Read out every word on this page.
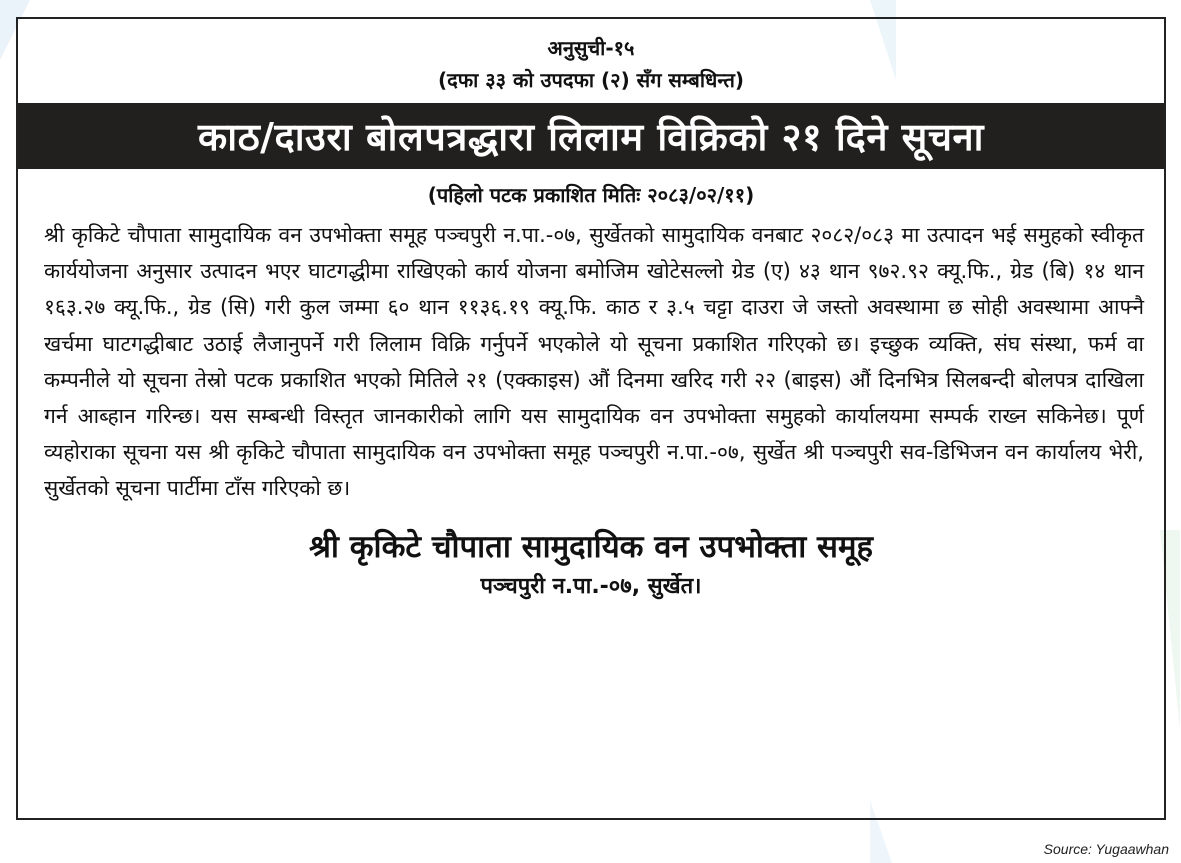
अनुसुची-१५
(दफा ३३ को उपदफा (२) सँग सम्बधिन्त)
काठ/दाउरा बोलपत्रद्धारा लिलाम विक्रिको २१ दिने सूचना
(पहिलो पटक प्रकाशित मितिः २०८३/०२/११)
श्री कृकिटे चौपाता सामुदायिक वन उपभोक्ता समूह पञ्चपुरी न.पा.-०७, सुर्खेतको सामुदायिक वनबाट २०८२/०८३ मा उत्पादन भई समुहको स्वीकृत कार्ययोजना अनुसार उत्पादन भएर घाटगद्धीमा राखिएको कार्य योजना बमोजिम खोटेसल्लो ग्रेड (ए) ४३ थान ९७२.९२ क्यू.फि., ग्रेड (बि) १४ थान १६३.२७ क्यू.फि., ग्रेड (सि) गरी कुल जम्मा ६० थान ११३६.१९ क्यू.फि. काठ र ३.५ चट्टा दाउरा जे जस्तो अवस्थामा छ सोही अवस्थामा आफ्नै खर्चमा घाटगद्धीबाट उठाई लैजानुपर्ने गरी लिलाम विक्रि गर्नुपर्ने भएकोले यो सूचना प्रकाशित गरिएको छ। इच्छुक व्यक्ति, संघ संस्था, फर्म वा कम्पनीले यो सूचना तेस्रो पटक प्रकाशित भएको मितिले २१ (एक्काइस) औं दिनमा खरिद गरी २२ (बाइस) औं दिनभित्र सिलबन्दी बोलपत्र दाखिला गर्न आब्हान गरिन्छ। यस सम्बन्धी विस्तृत जानकारीको लागि यस सामुदायिक वन उपभोक्ता समुहको कार्यालयमा सम्पर्क राख्न सकिनेछ। पूर्ण व्यहोराका सूचना यस श्री कृकिटे चौपाता सामुदायिक वन उपभोक्ता समूह पञ्चपुरी न.पा.-०७, सुर्खेत श्री पञ्चपुरी सव-डिभिजन वन कार्यालय भेरी, सुर्खेतको सूचना पार्टीमा टाँस गरिएको छ।
श्री कृकिटे चौपाता सामुदायिक वन उपभोक्ता समूह
पञ्चपुरी न.पा.-०७, सुर्खेत।
Source: Yugaawhan
